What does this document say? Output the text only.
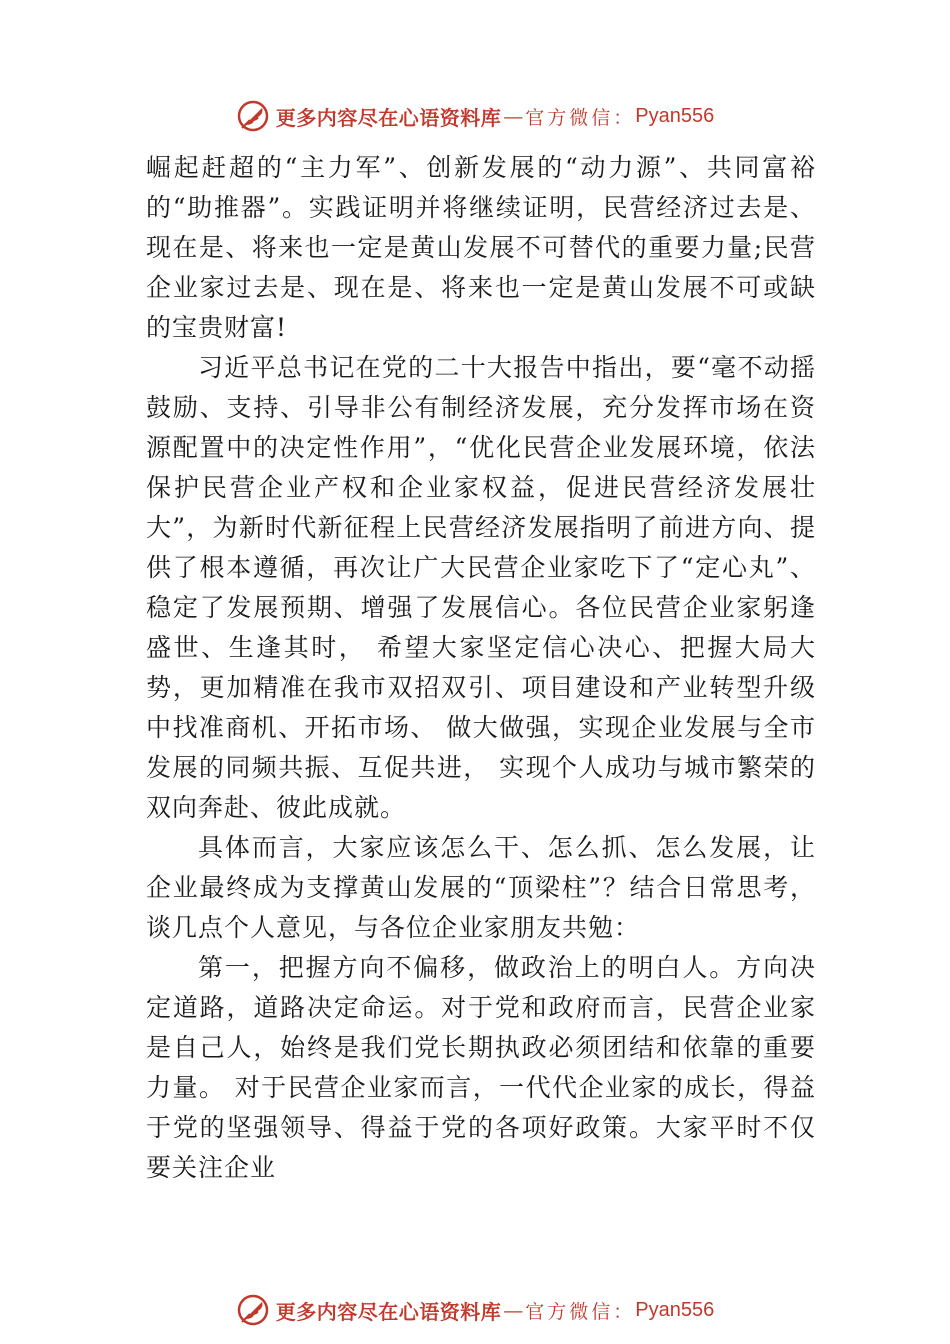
更多内容尽在心语资料库 — 官方微信： Pyan556

崛起赶超的“主力军”、创新发展的“动力源”、共同富裕的“助推器”。实践证明并将继续证明，民营经济过去是、现在是、将来也一定是黄山发展不可替代的重要力量;民营企业家过去是、现在是、将来也一定是黄山发展不可或缺的宝贵财富!

习近平总书记在党的二十大报告中指出，要“毫不动摇鼓励、支持、引导非公有制经济发展，充分发挥市场在资源配置中的决定性作用”，“优化民营企业发展环境，依法保护民营企业产权和企业家权益，促进民营经济发展壮大”，为新时代新征程上民营经济发展指明了前进方向、提供了根本遵循，再次让广大民营企业家吃下了“定心丸”、稳定了发展预期、增强了发展信心。各位民营企业家躬逢盛世、生逢其时， 希望大家坚定信心决心、把握大局大势，更加精准在我市双招双引、项目建设和产业转型升级中找准商机、开拓市场、 做大做强，实现企业发展与全市发展的同频共振、互促共进， 实现个人成功与城市繁荣的双向奔赴、彼此成就。

具体而言，大家应该怎么干、怎么抓、怎么发展，让企业最终成为支撑黄山发展的“顶梁柱”？结合日常思考，谈几点个人意见，与各位企业家朋友共勉：

第一，把握方向不偏移，做政治上的明白人。方向决定道路，道路决定命运。对于党和政府而言，民营企业家是自己人，始终是我们党长期执政必须团结和依靠的重要力量。 对于民营企业家而言，一代代企业家的成长，得益于党的坚强领导、得益于党的各项好政策。大家平时不仅要关注企业

更多内容尽在心语资料库 — 官方微信： Pyan556
